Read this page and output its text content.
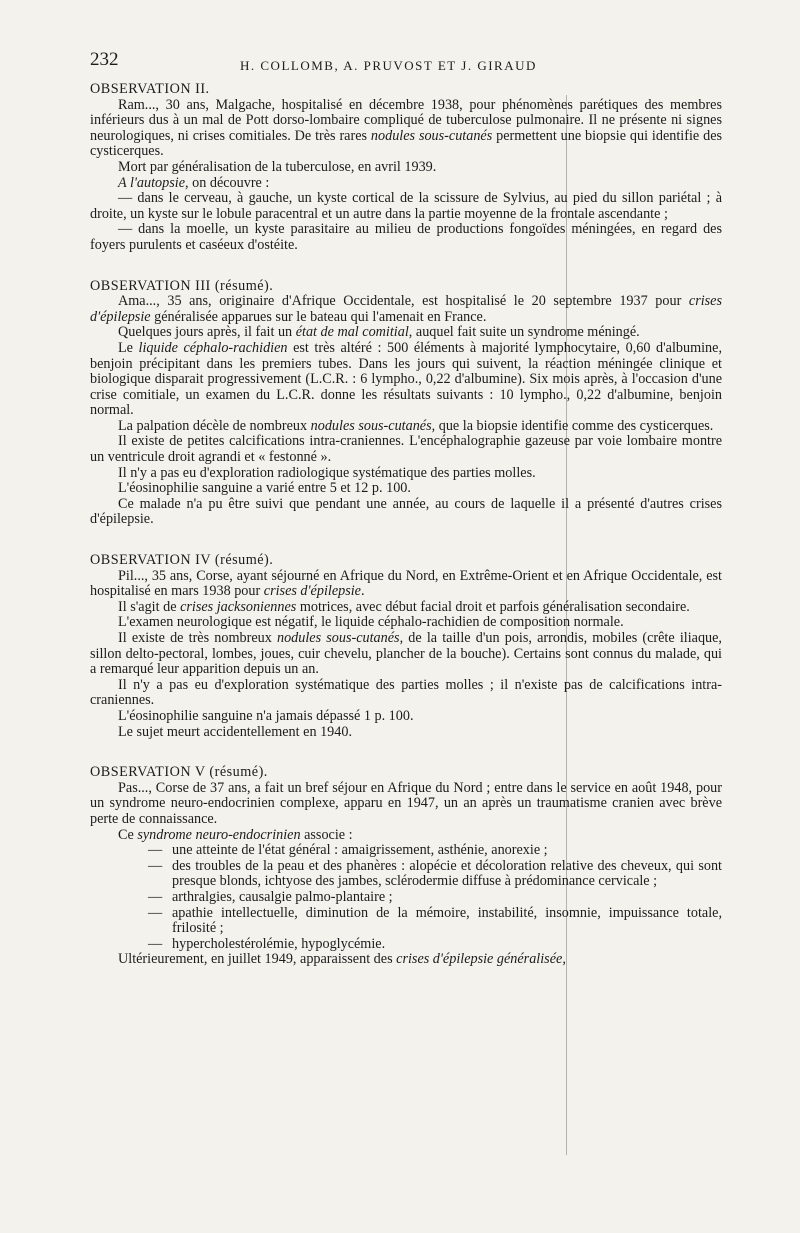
232	H. COLLOMB, A. PRUVOST ET J. GIRAUD

OBSERVATION II.

Ram..., 30 ans, Malgache, hospitalisé en décembre 1938, pour phénomènes parétiques des membres inférieurs dus à un mal de Pott dorso-lombaire compliqué de tuberculose pulmonaire. Il ne présente ni signes neurologiques, ni crises comitiales. De très rares nodules sous-cutanés permettent une biopsie qui identifie des cysticerques.

Mort par généralisation de la tuberculose, en avril 1939.

A l'autopsie, on découvre :

— dans le cerveau, à gauche, un kyste cortical de la scissure de Sylvius, au pied du sillon pariétal ; à droite, un kyste sur le lobule paracentral et un autre dans la partie moyenne de la frontale ascendante ;

— dans la moelle, un kyste parasitaire au milieu de productions fongoïdes méningées, en regard des foyers purulents et caséeux d'ostéite.

OBSERVATION III (résumé).

Ama..., 35 ans, originaire d'Afrique Occidentale, est hospitalisé le 20 septembre 1937 pour crises d'épilepsie généralisée apparues sur le bateau qui l'amenait en France.

Quelques jours après, il fait un état de mal comitial, auquel fait suite un syndrome méningé.

Le liquide céphalo-rachidien est très altéré : 500 éléments à majorité lymphocytaire, 0,60 d'albumine, benjoin précipitant dans les premiers tubes. Dans les jours qui suivent, la réaction méningée clinique et biologique disparait progressivement (L.C.R. : 6 lympho., 0,22 d'albumine). Six mois après, à l'occasion d'une crise comitiale, un examen du L.C.R. donne les résultats suivants : 10 lympho., 0,22 d'albumine, benjoin normal.

La palpation décèle de nombreux nodules sous-cutanés, que la biopsie identifie comme des cysticerques.

Il existe de petites calcifications intra-craniennes. L'encéphalographie gazeuse par voie lombaire montre un ventricule droit agrandi et « festonné ».

Il n'y a pas eu d'exploration radiologique systématique des parties molles.

L'éosinophilie sanguine a varié entre 5 et 12 p. 100.

Ce malade n'a pu être suivi que pendant une année, au cours de laquelle il a présenté d'autres crises d'épilepsie.

OBSERVATION IV (résumé).

Pil..., 35 ans, Corse, ayant séjourné en Afrique du Nord, en Extrême-Orient et en Afrique Occidentale, est hospitalisé en mars 1938 pour crises d'épilepsie.

Il s'agit de crises jacksoniennes motrices, avec début facial droit et parfois généralisation secondaire.

L'examen neurologique est négatif, le liquide céphalo-rachidien de composition normale.

Il existe de très nombreux nodules sous-cutanés, de la taille d'un pois, arrondis, mobiles (crête iliaque, sillon delto-pectoral, lombes, joues, cuir chevelu, plancher de la bouche). Certains sont connus du malade, qui a remarqué leur apparition depuis un an.

Il n'y a pas eu d'exploration systématique des parties molles ; il n'existe pas de calcifications intra-craniennes.

L'éosinophilie sanguine n'a jamais dépassé 1 p. 100.

Le sujet meurt accidentellement en 1940.

OBSERVATION V (résumé).

Pas..., Corse de 37 ans, a fait un bref séjour en Afrique du Nord ; entre dans le service en août 1948, pour un syndrome neuro-endocrinien complexe, apparu en 1947, un an après un traumatisme cranien avec brève perte de connaissance.

Ce syndrome neuro-endocrinien associe :

— une atteinte de l'état général : amaigrissement, asthénie, anorexie ;
— des troubles de la peau et des phanères : alopécie et décoloration relative des cheveux, qui sont presque blonds, ichtyose des jambes, sclérodermie diffuse à prédominance cervicale ;
— arthralgies, causalgie palmo-plantaire ;
— apathie intellectuelle, diminution de la mémoire, instabilité, insomnie, impuissance totale, frilosité ;
— hypercholestérolémie, hypoglycémie.

Ultérieurement, en juillet 1949, apparaissent des crises d'épilepsie généralisée,
